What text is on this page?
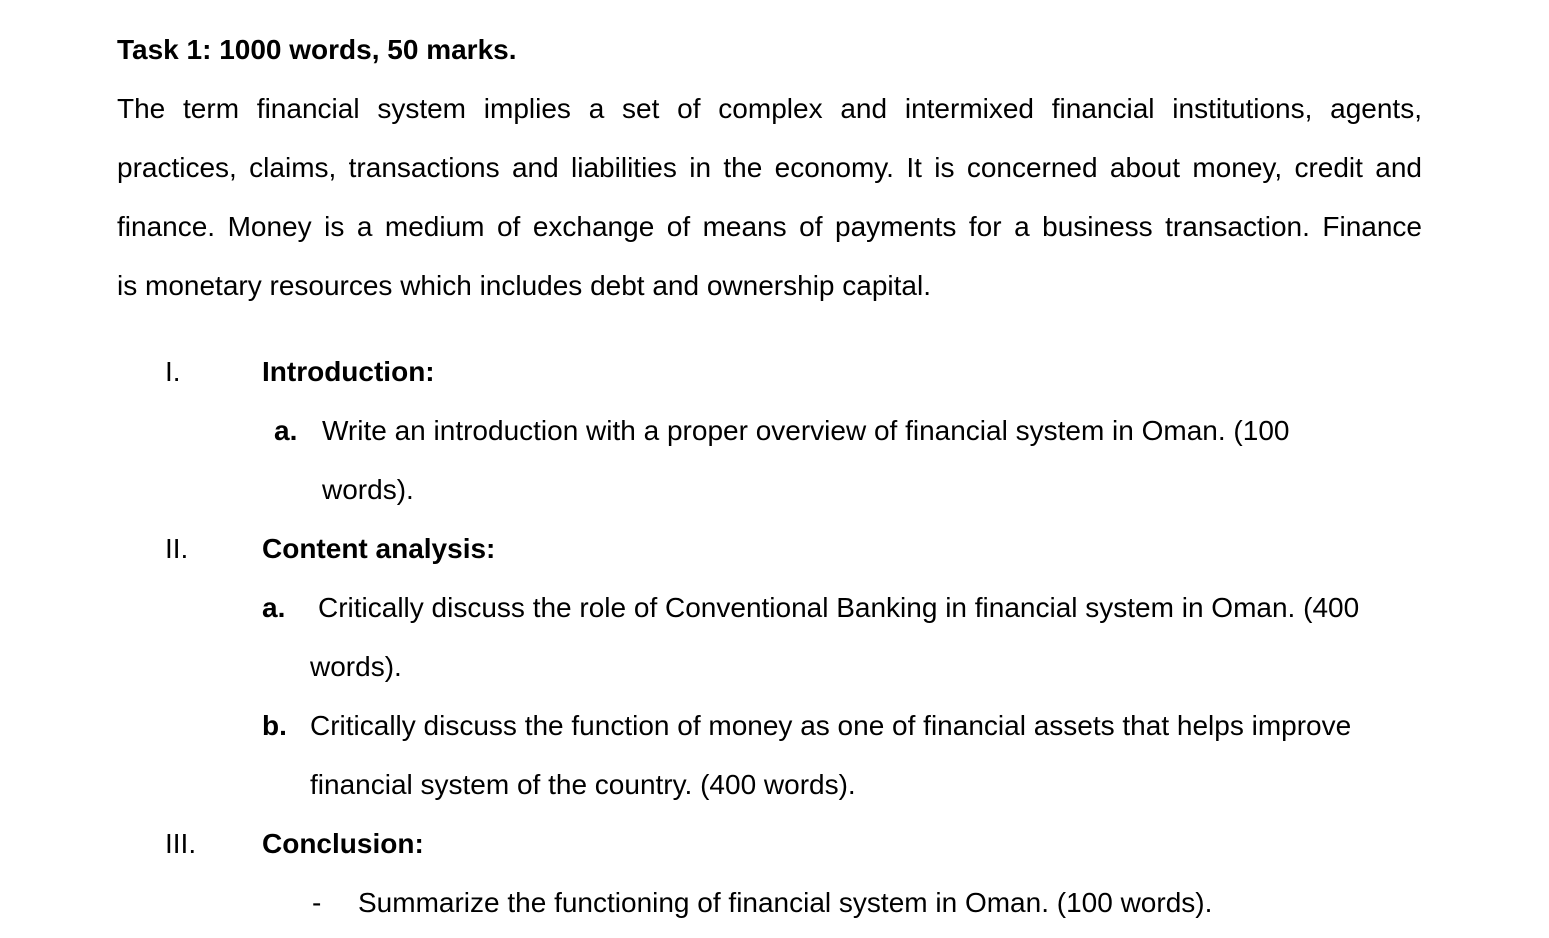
Task 1: 1000 words, 50 marks.
The term financial system implies a set of complex and intermixed financial institutions, agents,
practices, claims, transactions and liabilities in the economy. It is concerned about money, credit and
finance. Money is a medium of exchange of means of payments for a business transaction. Finance
is monetary resources which includes debt and ownership capital.
I.	Introduction:
a. Write an introduction with a proper overview of financial system in Oman. (100
words).
II.	Content analysis:
a. Critically discuss the role of Conventional Banking in financial system in Oman. (400
words).
b. Critically discuss the function of money as one of financial assets that helps improve
financial system of the country. (400 words).
III. Conclusion:
- Summarize the functioning of financial system in Oman. (100 words).
